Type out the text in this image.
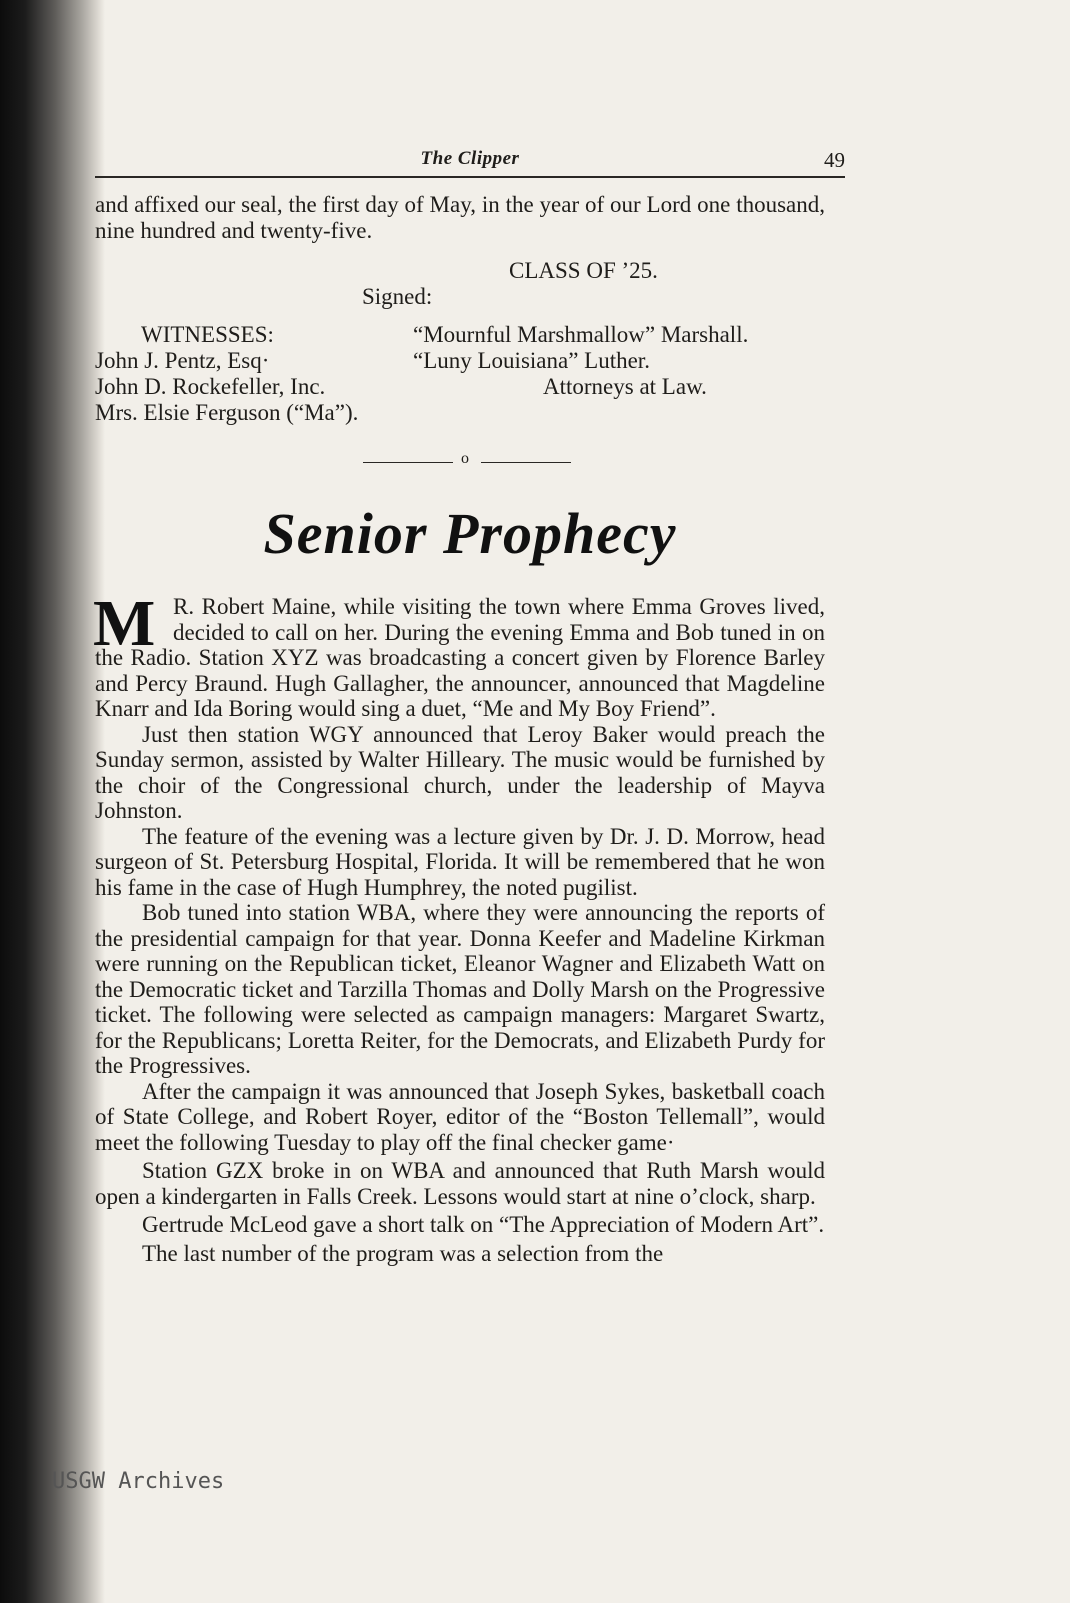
The Clipper	49

and affixed our seal, the first day of May, in the year of our Lord one thousand, nine hundred and twenty-five.

CLASS OF ’25.
Signed:
WITNESSES:
John J. Pentz, Esq·
John D. Rockefeller, Inc.
Mrs. Elsie Ferguson (“Ma”).
“Mournful Marshmallow” Marshall.
“Luny Louisiana” Luther.
Attorneys at Law.
o
Senior Prophecy
M R. Robert Maine, while visiting the town where Emma Groves lived, decided to call on her. During the evening Emma and Bob tuned in on the Radio. Station XYZ was broadcasting a concert given by Florence Barley and Percy Braund. Hugh Gallagher, the announcer, announced that Magdeline Knarr and Ida Boring would sing a duet, “Me and My Boy Friend”.

Just then station WGY announced that Leroy Baker would preach the Sunday sermon, assisted by Walter Hilleary. The music would be furnished by the choir of the Congressional church, under the leadership of Mayva Johnston.

The feature of the evening was a lecture given by Dr. J. D. Morrow, head surgeon of St. Petersburg Hospital, Florida. It will be remembered that he won his fame in the case of Hugh Humphrey, the noted pugilist.

Bob tuned into station WBA, where they were announcing the reports of the presidential campaign for that year. Donna Keefer and Madeline Kirkman were running on the Republican ticket, Eleanor Wagner and Elizabeth Watt on the Democratic ticket and Tarzilla Thomas and Dolly Marsh on the Progressive ticket. The following were selected as campaign managers: Margaret Swartz, for the Republicans; Loretta Reiter, for the Democrats, and Elizabeth Purdy for the Progressives.

After the campaign it was announced that Joseph Sykes, basketball coach of State College, and Robert Royer, editor of the “Boston Tellemall”, would meet the following Tuesday to play off the final checker game·

Station GZX broke in on WBA and announced that Ruth Marsh would open a kindergarten in Falls Creek. Lessons would start at nine o’clock, sharp.

Gertrude McLeod gave a short talk on “The Appreciation of Modern Art”.

The last number of the program was a selection from the

USGW Archives
